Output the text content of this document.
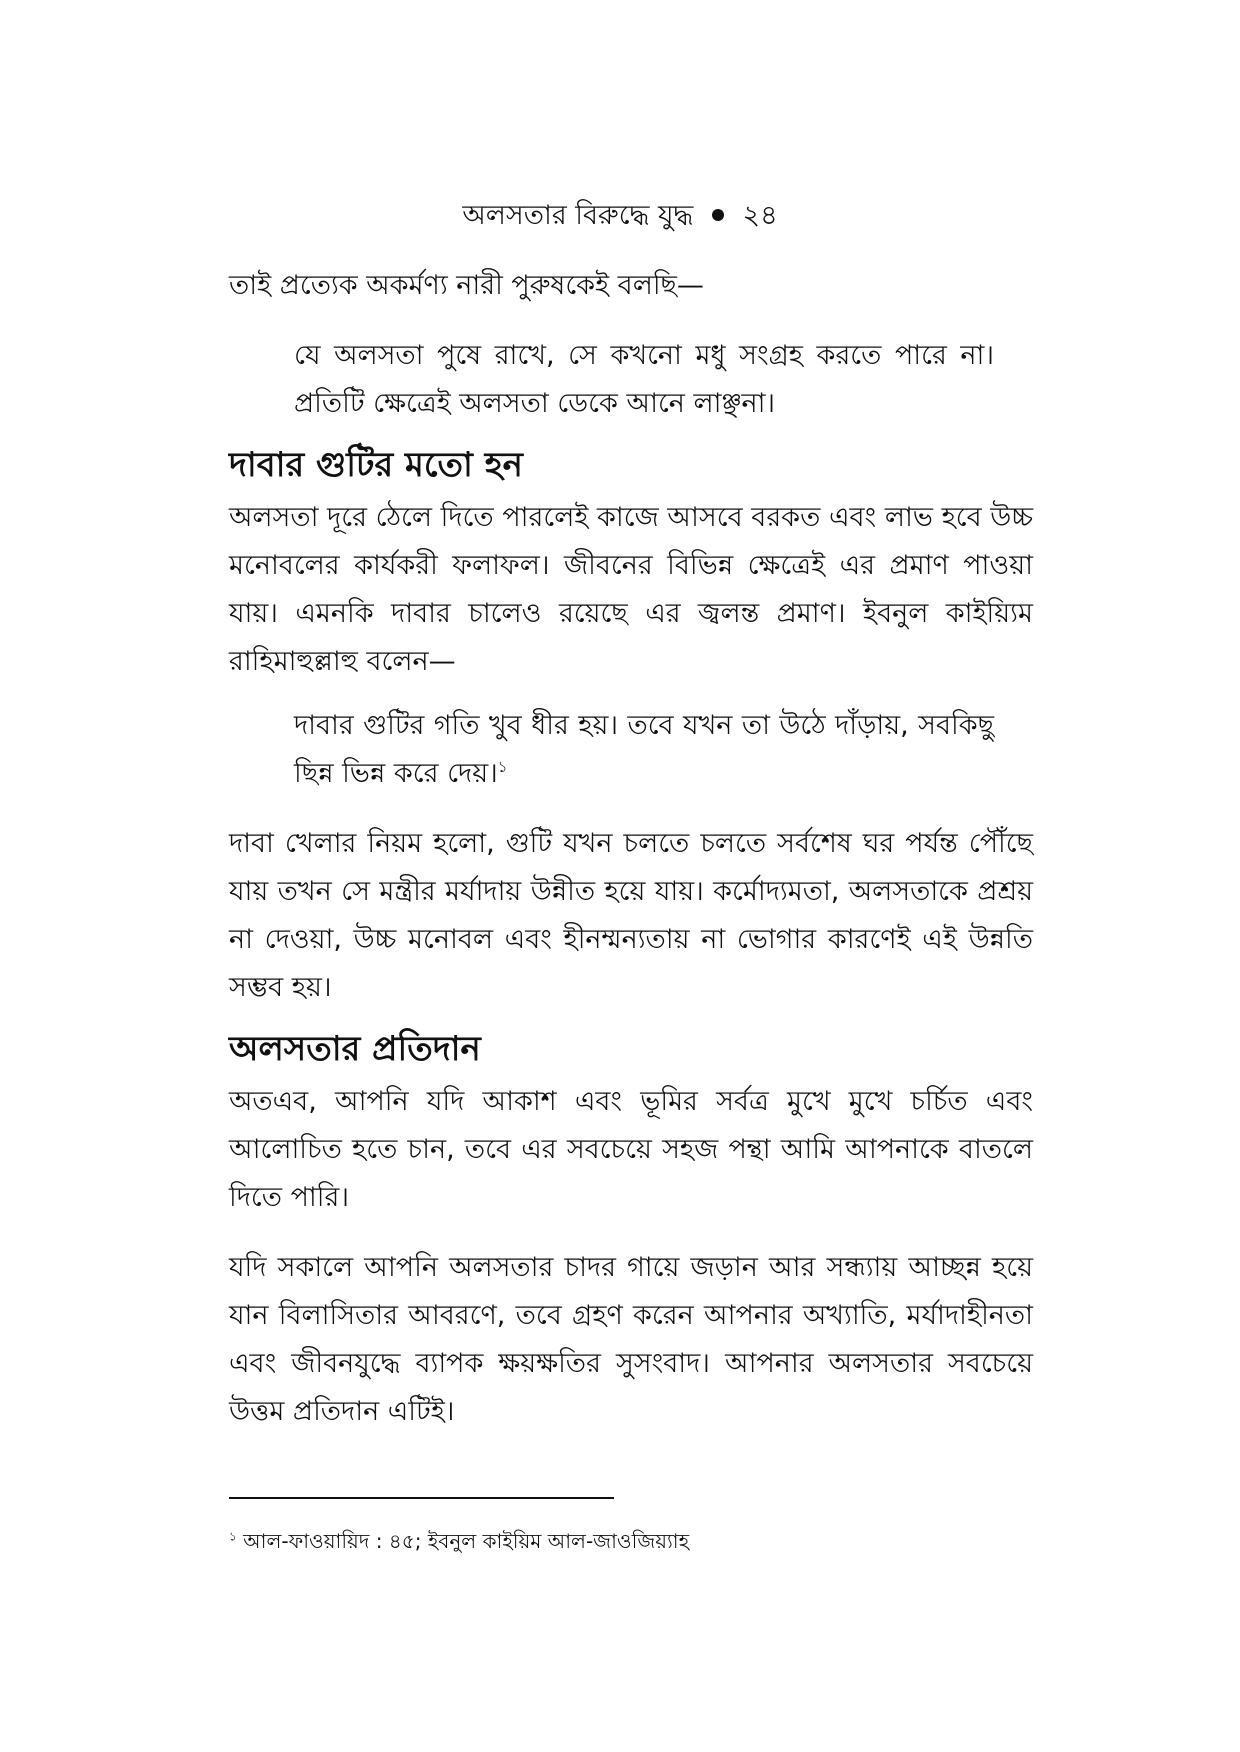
অলসতার বিরুদ্ধে যুদ্ধ ২৪

তাই প্রত্যেক অকর্মণ্য নারী পুরুষকেই বলছি—

যে অলসতা পুষে রাখে, সে কখনো মধু সংগ্রহ করতে পারে না। প্রতিটি ক্ষেত্রেই অলসতা ডেকে আনে লাঞ্ছনা।
দাবার গুটির মতো হন

অলসতা দূরে ঠেলে দিতে পারলেই কাজে আসবে বরকত এবং লাভ হবে উচ্চ মনোবলের কার্যকরী ফলাফল। জীবনের বিভিন্ন ক্ষেত্রেই এর প্রমাণ পাওয়া যায়। এমনকি দাবার চালেও রয়েছে এর জ্বলন্ত প্রমাণ। ইবনুল কাইয়্যিম রাহিমাহুল্লাহু বলেন—

দাবার গুটির গতি খুব ধীর হয়। তবে যখন তা উঠে দাঁড়ায়, সবকিছু ছিন্ন ভিন্ন করে দেয়।$^১$

দাবা খেলার নিয়ম হলো, গুটি যখন চলতে চলতে সর্বশেষ ঘর পর্যন্ত পৌঁছে যায় তখন সে মন্ত্রীর মর্যাদায় উন্নীত হয়ে যায়। কর্মোদ্যমতা, অলসতাকে প্রশ্রয় না দেওয়া, উচ্চ মনোবল এবং হীনম্মন্যতায় না ভোগার কারণেই এই উন্নতি সম্ভব হয়।

অলসতার প্রতিদান

অতএব, আপনি যদি আকাশ এবং ভূমির সর্বত্র মুখে মুখে চর্চিত এবং আলোচিত হতে চান, তবে এর সবচেয়ে সহজ পন্থা আমি আপনাকে বাতলে দিতে পারি।

যদি সকালে আপনি অলসতার চাদর গায়ে জড়ান আর সন্ধ্যায় আচ্ছন্ন হয়ে যান বিলাসিতার আবরণে, তবে গ্রহণ করেন আপনার অখ্যাতি, মর্যাদাহীনতা এবং জীবনযুদ্ধে ব্যাপক ক্ষয়ক্ষতির সুসংবাদ। আপনার অলসতার সবচেয়ে উত্তম প্রতিদান এটিই।

$^১$ আল-ফাওয়ায়িদ : ৪৫; ইবনুল কাইয়িম আল-জাওজিয়্যাহ
